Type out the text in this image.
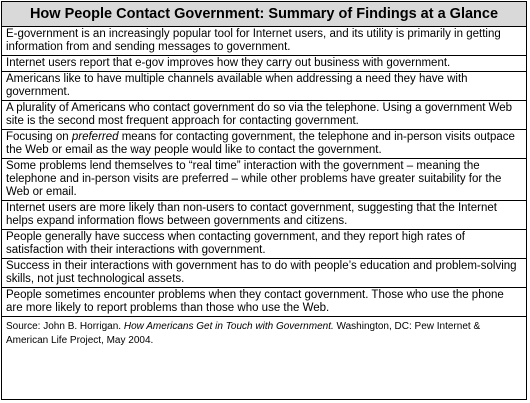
How People Contact Government: Summary of Findings at a Glance
E-government is an increasingly popular tool for Internet users, and its utility is primarily in getting information from and sending messages to government.
Internet users report that e-gov improves how they carry out business with government.
Americans like to have multiple channels available when addressing a need they have with government.
A plurality of Americans who contact government do so via the telephone. Using a government Web site is the second most frequent approach for contacting government.
Focusing on preferred means for contacting government, the telephone and in-person visits outpace the Web or email as the way people would like to contact the government.
Some problems lend themselves to “real time” interaction with the government – meaning the telephone and in-person visits are preferred – while other problems have greater suitability for the Web or email.
Internet users are more likely than non-users to contact government, suggesting that the Internet helps expand information flows between governments and citizens.
People generally have success when contacting government, and they report high rates of satisfaction with their interactions with government.
Success in their interactions with government has to do with people’s education and problem-solving skills, not just technological assets.
People sometimes encounter problems when they contact government. Those who use the phone are more likely to report problems than those who use the Web.
Source: John B. Horrigan. How Americans Get in Touch with Government. Washington, DC: Pew Internet & American Life Project, May 2004.
